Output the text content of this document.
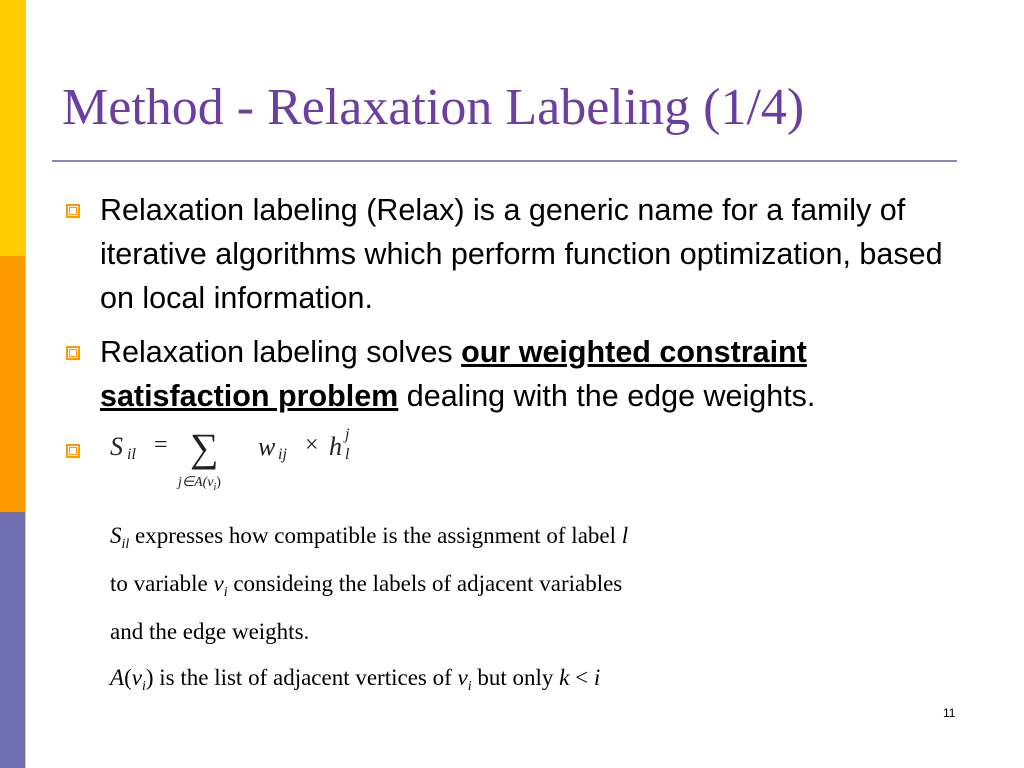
Method - Relaxation Labeling (1/4)

Relaxation labeling (Relax) is a generic name for a family of iterative algorithms which perform function optimization, based on local information.

Relaxation labeling solves our weighted constraint satisfaction problem dealing with the edge weights.

S il = ∑
$j\in A(v_i)$
w ij × h j
l
$S_{il}$ expresses how compatible is the assignment of label l
to variable $v_i$ consideing the labels of adjacent variables
and the edge weights.
$A(v_i)$ is the list of adjacent vertices of $v_i$ but only k < i
11
